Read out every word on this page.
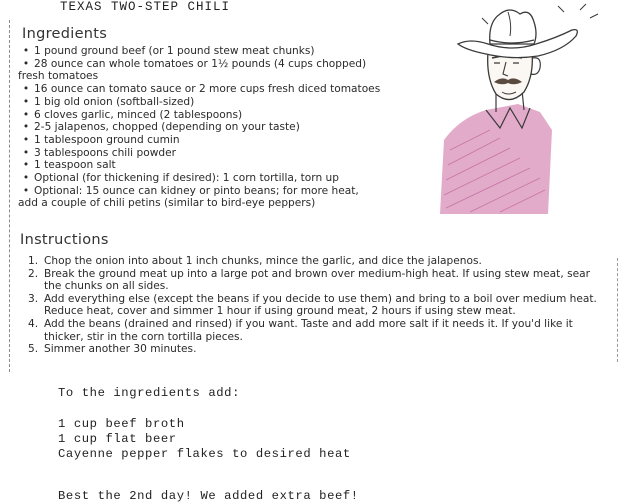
TEXAS TWO-STEP CHILI
Ingredients
• 1 pound ground beef (or 1 pound stew meat chunks)
• 28 ounce can whole tomatoes or 1½ pounds (4 cups chopped)
fresh tomatoes
• 16 ounce can tomato sauce or 2 more cups fresh diced tomatoes
• 1 big old onion (softball-sized)
• 6 cloves garlic, minced (2 tablespoons)
• 2-5 jalapenos, chopped (depending on your taste)
• 1 tablespoon ground cumin
• 3 tablespoons chili powder
• 1 teaspoon salt
• Optional (for thickening if desired): 1 corn tortilla, torn up
• Optional: 15 ounce can kidney or pinto beans; for more heat,
add a couple of chili petins (similar to bird-eye peppers)
Instructions
1. Chop the onion into about 1 inch chunks, mince the garlic, and dice the jalapenos.
2. Break the ground meat up into a large pot and brown over medium-high heat. If using stew meat, sear the chunks on all sides.
3. Add everything else (except the beans if you decide to use them) and bring to a boil over medium heat. Reduce heat, cover and simmer 1 hour if using ground meat, 2 hours if using stew meat.
4. Add the beans (drained and rinsed) if you want. Taste and add more salt if it needs it. If you'd like it thicker, stir in the corn tortilla pieces.
5. Simmer another 30 minutes.
To the ingredients add:
1 cup beef broth
1 cup flat beer
Cayenne pepper flakes to desired heat
Best the 2nd day! We added extra beef!
